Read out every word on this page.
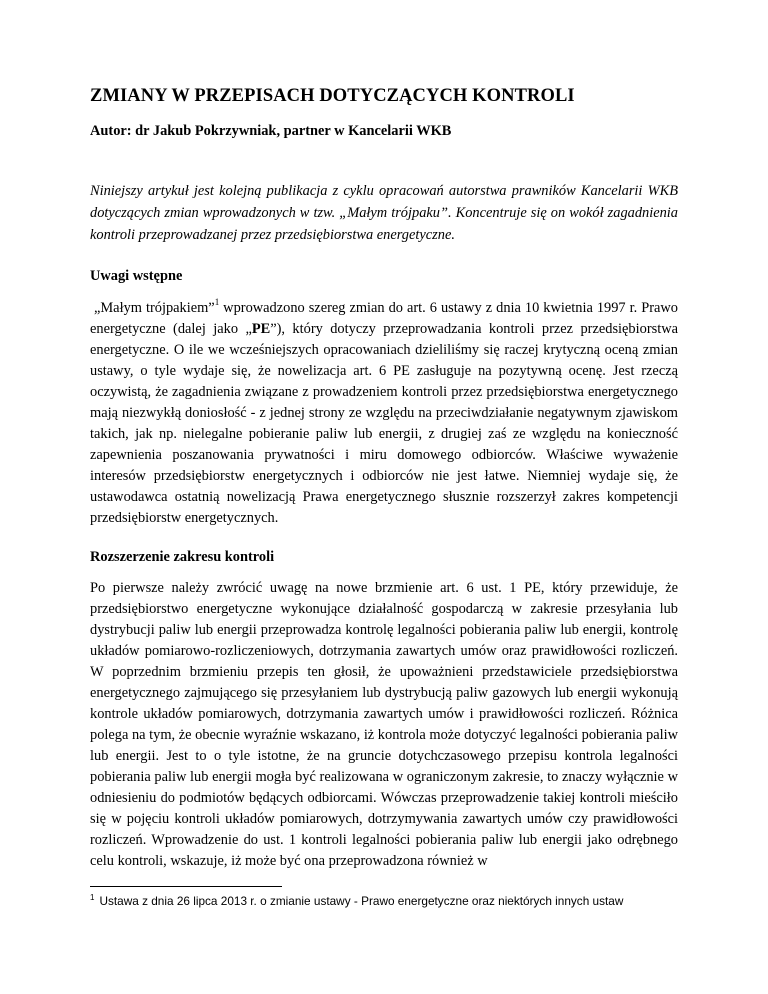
ZMIANY W PRZEPISACH DOTYCZĄCYCH KONTROLI

Autor: dr Jakub Pokrzywniak, partner w Kancelarii WKB

Niniejszy artykuł jest kolejną publikacja z cyklu opracowań autorstwa prawników Kancelarii WKB dotyczących zmian wprowadzonych w tzw. „Małym trójpaku”. Koncentruje się on wokół zagadnienia kontroli przeprowadzanej przez przedsiębiorstwa energetyczne.

Uwagi wstępne

„Małym trójpakiem”$^1$ wprowadzono szereg zmian do art. 6 ustawy z dnia 10 kwietnia 1997 r. Prawo energetyczne (dalej jako „PE”), który dotyczy przeprowadzania kontroli przez przedsiębiorstwa energetyczne. O ile we wcześniejszych opracowaniach dzieliliśmy się raczej krytyczną oceną zmian ustawy, o tyle wydaje się, że nowelizacja art. 6 PE zasługuje na pozytywną ocenę. Jest rzeczą oczywistą, że zagadnienia związane z prowadzeniem kontroli przez przedsiębiorstwa energetycznego mają niezwykłą doniosłość - z jednej strony ze względu na przeciwdziałanie negatywnym zjawiskom takich, jak np. nielegalne pobieranie paliw lub energii, z drugiej zaś ze względu na konieczność zapewnienia poszanowania prywatności i miru domowego odbiorców. Właściwe wyważenie interesów przedsiębiorstw energetycznych i odbiorców nie jest łatwe. Niemniej wydaje się, że ustawodawca ostatnią nowelizacją Prawa energetycznego słusznie rozszerzył zakres kompetencji przedsiębiorstw energetycznych.

Rozszerzenie zakresu kontroli

Po pierwsze należy zwrócić uwagę na nowe brzmienie art. 6 ust. 1 PE, który przewiduje, że przedsiębiorstwo energetyczne wykonujące działalność gospodarczą w zakresie przesyłania lub dystrybucji paliw lub energii przeprowadza kontrolę legalności pobierania paliw lub energii, kontrolę układów pomiarowo-rozliczeniowych, dotrzymania zawartych umów oraz prawidłowości rozliczeń. W poprzednim brzmieniu przepis ten głosił, że upoważnieni przedstawiciele przedsiębiorstwa energetycznego zajmującego się przesyłaniem lub dystrybucją paliw gazowych lub energii wykonują kontrole układów pomiarowych, dotrzymania zawartych umów i prawidłowości rozliczeń. Różnica polega na tym, że obecnie wyraźnie wskazano, iż kontrola może dotyczyć legalności pobierania paliw lub energii. Jest to o tyle istotne, że na gruncie dotychczasowego przepisu kontrola legalności pobierania paliw lub energii mogła być realizowana w ograniczonym zakresie, to znaczy wyłącznie w odniesieniu do podmiotów będących odbiorcami. Wówczas przeprowadzenie takiej kontroli mieściło się w pojęciu kontroli układów pomiarowych, dotrzymywania zawartych umów czy prawidłowości rozliczeń. Wprowadzenie do ust. 1 kontroli legalności pobierania paliw lub energii jako odrębnego celu kontroli, wskazuje, iż może być ona przeprowadzona również w

$^1$ Ustawa z dnia 26 lipca 2013 r. o zmianie ustawy - Prawo energetyczne oraz niektórych innych ustaw
